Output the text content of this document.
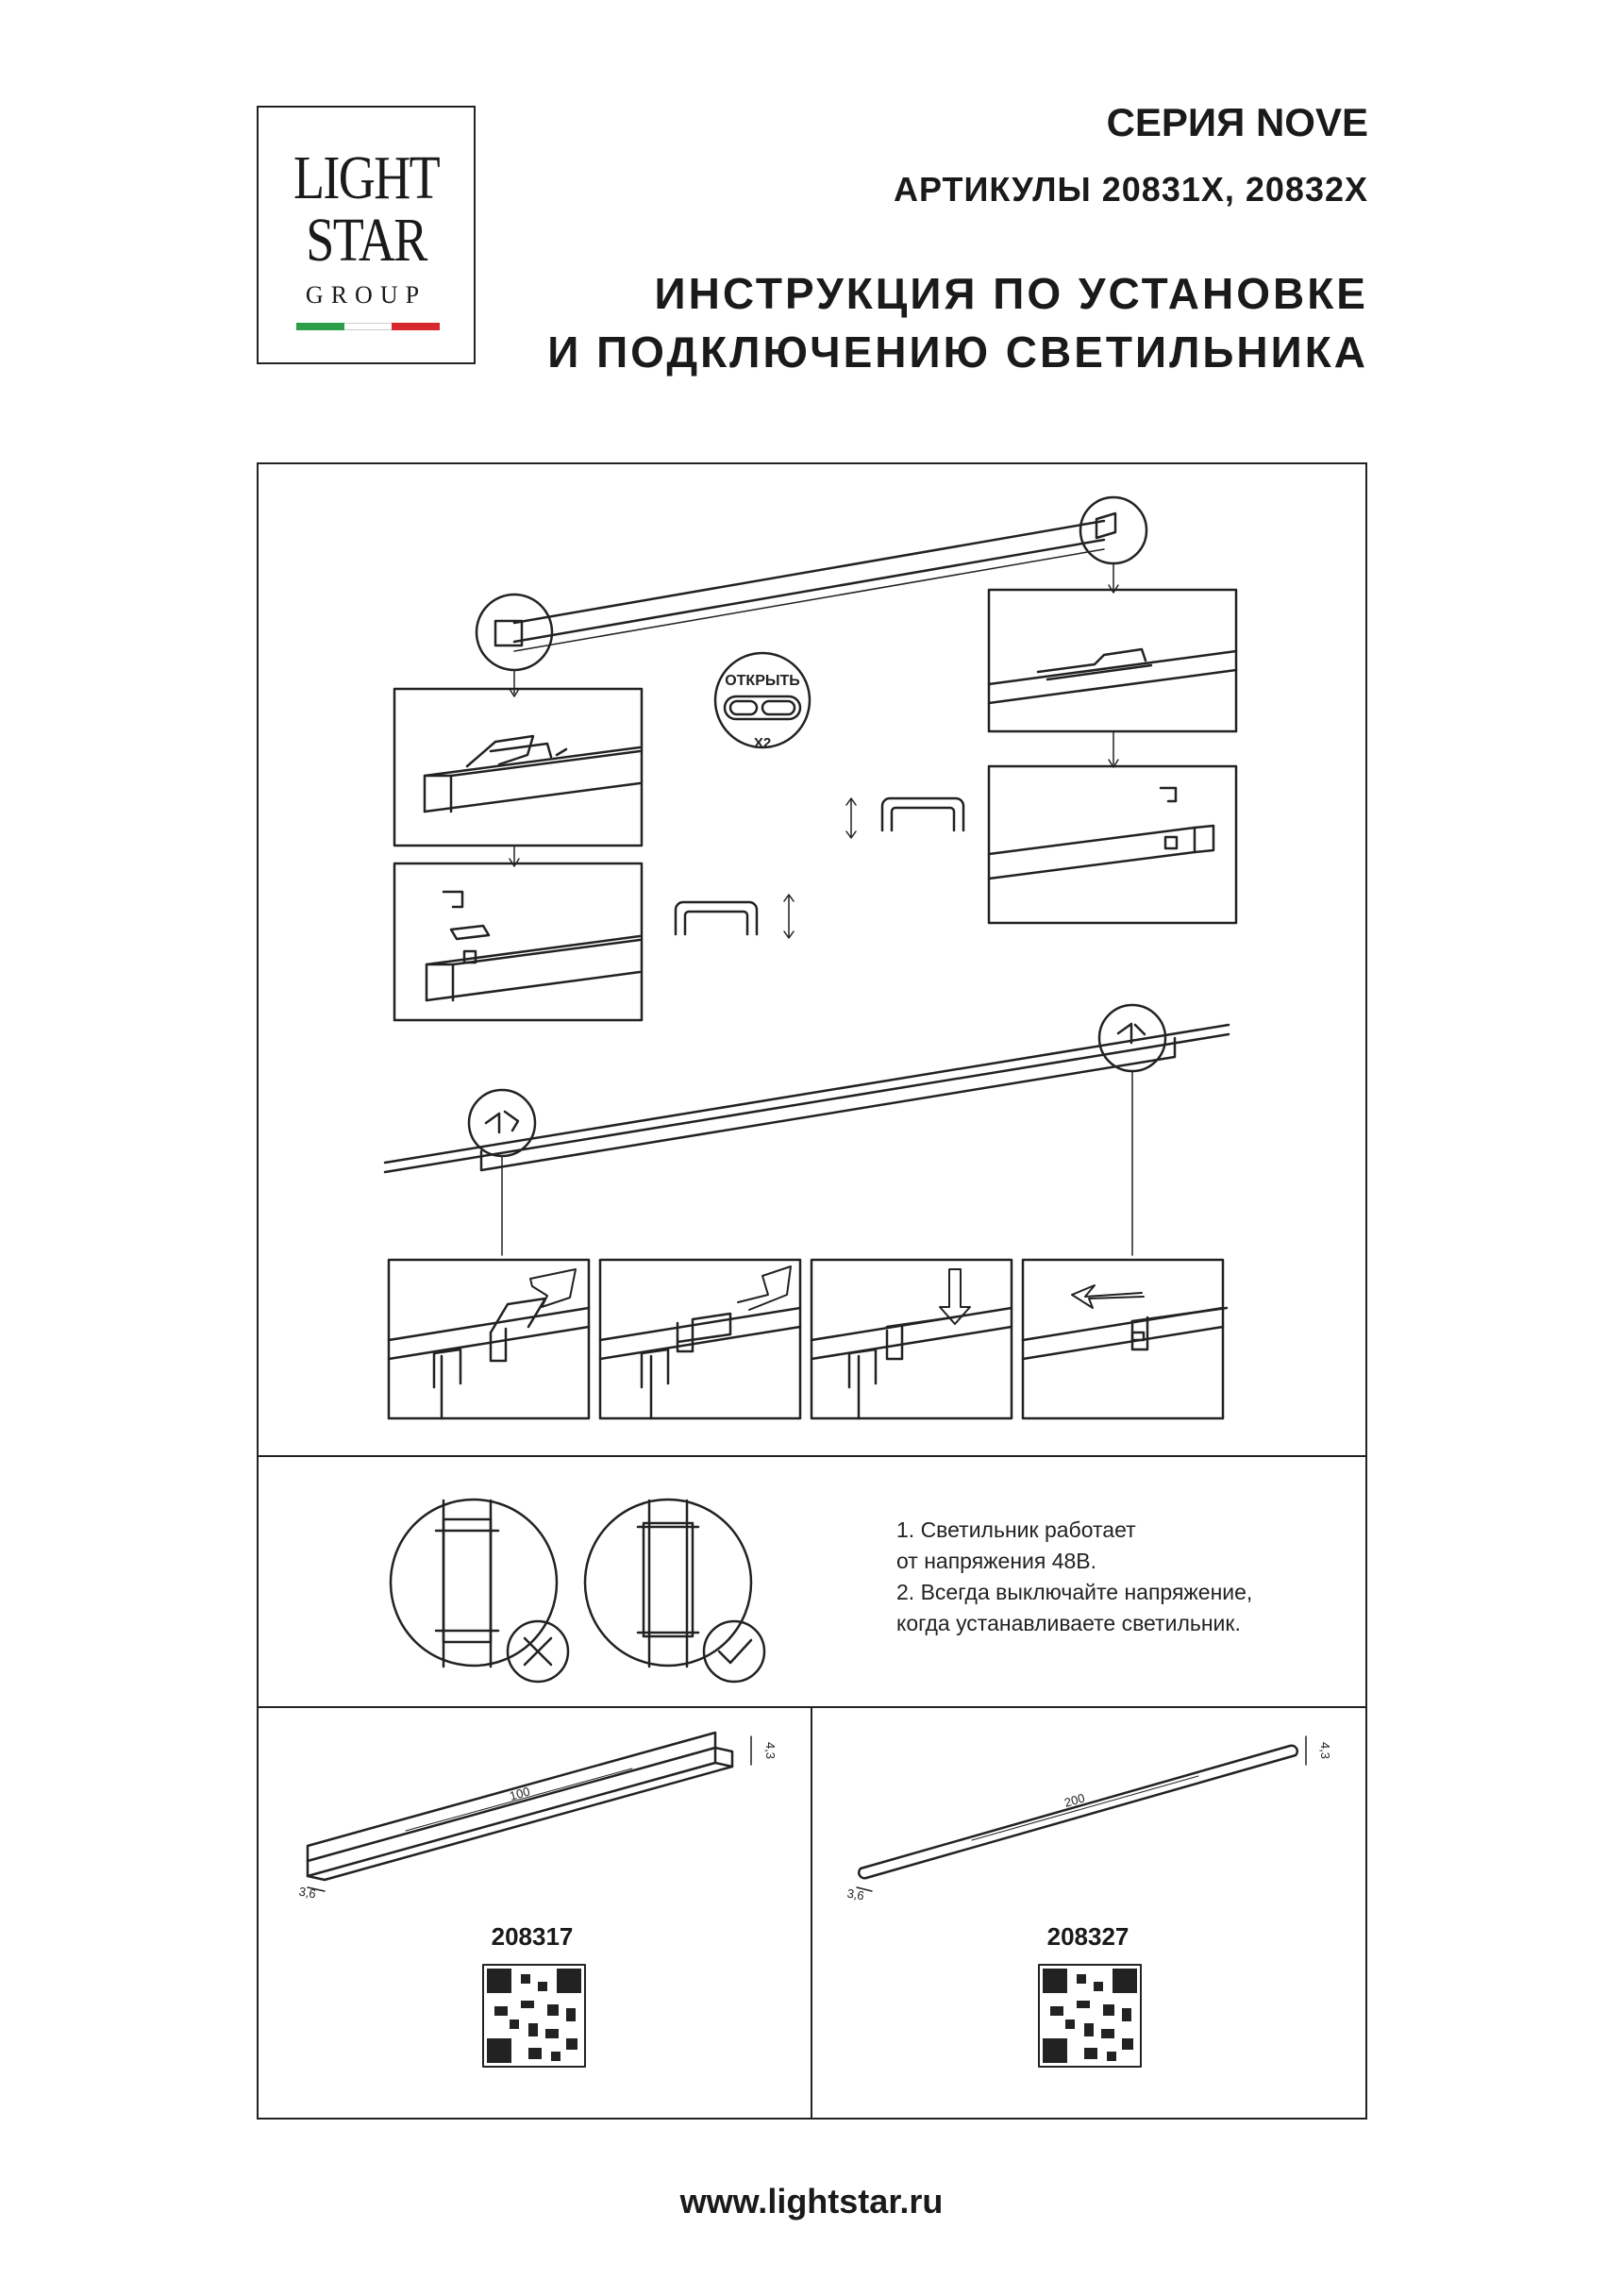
LIGHT
STAR
GROUP
СЕРИЯ NOVE
АРТИКУЛЫ 20831X, 20832X
ИНСТРУКЦИЯ ПО УСТАНОВКЕ
И ПОДКЛЮЧЕНИЮ СВЕТИЛЬНИКА
ОТКРЫТЬ
X2
100
4,3
3,6
200
4,3
3,6
1. Светильник работает
от напряжения 48В.
2. Всегда выключайте напряжение,
когда устанавливаете светильник.
208317	208327
www.lightstar.ru
